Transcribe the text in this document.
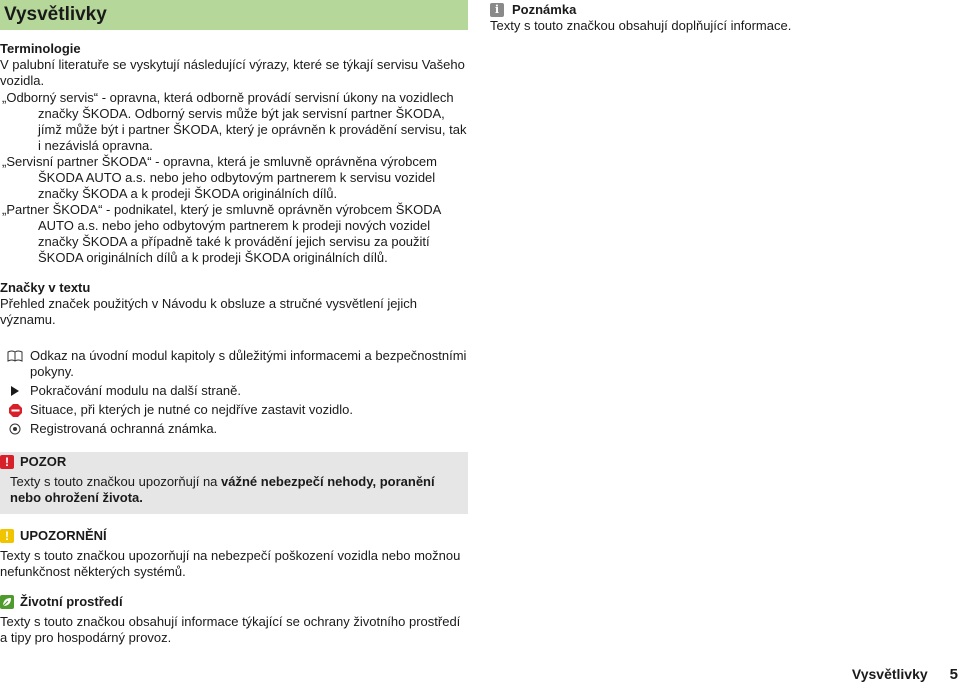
Vysvětlivky
Terminologie

V palubní literatuře se vyskytují následující výrazy, které se týkají servisu Vašeho vozidla.

„Odborný servis“ - opravna, která odborně provádí servisní úkony na vozidlech značky ŠKODA. Odborný servis může být jak servisní partner ŠKODA, jímž může být i partner ŠKODA, který je oprávněn k provádění servisu, tak i nezávislá opravna.

„Servisní partner ŠKODA“ - opravna, která je smluvně oprávněna výrobcem ŠKODA AUTO a.s. nebo jeho odbytovým partnerem k servisu vozidel značky ŠKODA a k prodeji ŠKODA originálních dílů.

„Partner ŠKODA“ - podnikatel, který je smluvně oprávněn výrobcem ŠKODA AUTO a.s. nebo jeho odbytovým partnerem k prodeji nových vozidel značky ŠKODA a případně také k provádění jejich servisu za použití ŠKODA originálních dílů a k prodeji ŠKODA originálních dílů.

Značky v textu

Přehled značek použitých v Návodu k obsluze a stručné vysvětlení jejich významu.

Odkaz na úvodní modul kapitoly s důležitými informacemi a bezpečnostními pokyny.
Pokračování modulu na další straně.
Situace, při kterých je nutné co nejdříve zastavit vozidlo.
Registrovaná ochranná známka.
! POZOR

Texty s touto značkou upozorňují na vážné nebezpečí nehody, poranění nebo ohrožení života.

! UPOZORNĚNÍ

Texty s touto značkou upozorňují na nebezpečí poškození vozidla nebo možnou nefunkčnost některých systémů.

Životní prostředí

Texty s touto značkou obsahují informace týkající se ochrany životního prostředí a tipy pro hospodárný provoz.

i Poznámka

Texty s touto značkou obsahují doplňující informace.

Vysvětlivky 5
